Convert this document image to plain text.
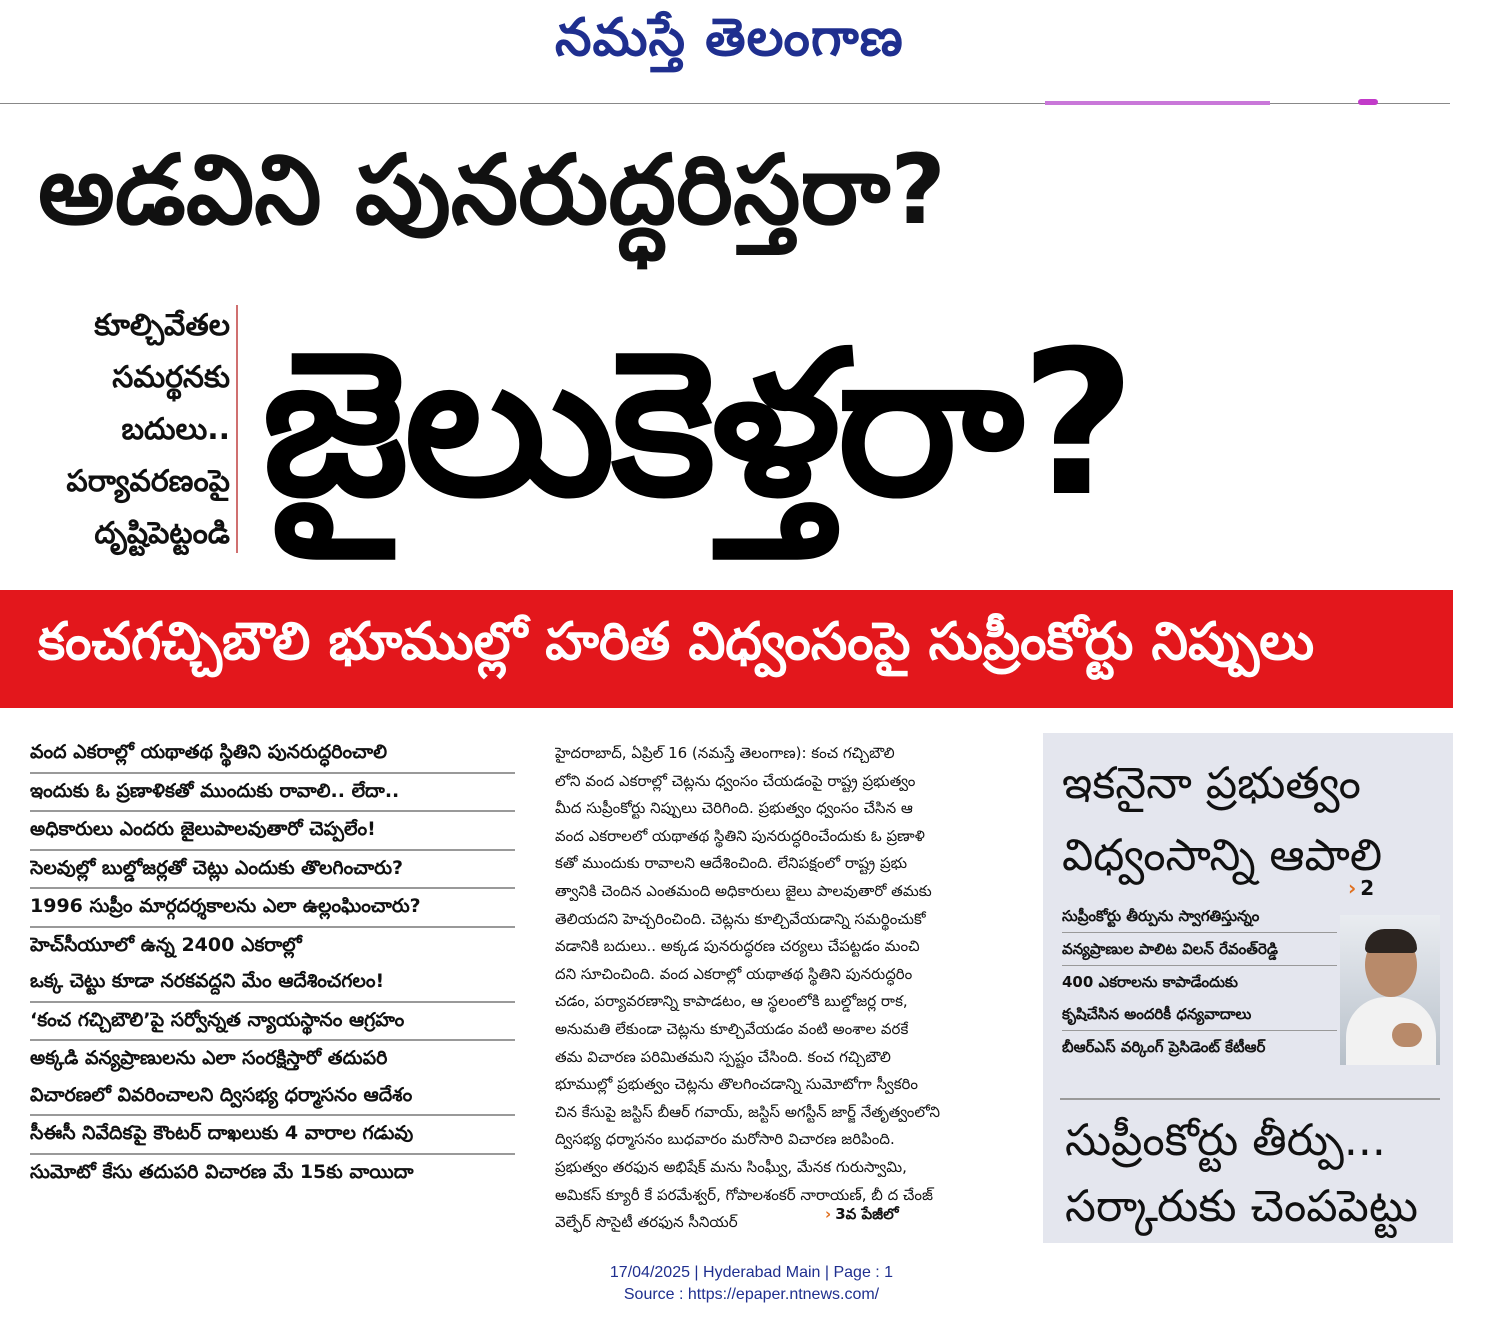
నమస్తే తెలంగాణ
అడవిని పునరుద్ధరిస్తరా?
కూల్చివేతల
సమర్థనకు
బదులు..
పర్యావరణంపై
దృష్టిపెట్టండి జైలుకెళ్తరా?
కంచగచ్చిబౌలి భూముల్లో హరిత విధ్వంసంపై సుప్రీంకోర్టు నిప్పులు
వంద ఎకరాల్లో యథాతథ స్థితిని పునరుద్ధరించాలి
ఇందుకు ఓ ప్రణాళికతో ముందుకు రావాలి.. లేదా..
అధికారులు ఎందరు జైలుపాలవుతారో చెప్పలేం!
సెలవుల్లో బుల్డోజర్లతో చెట్లు ఎందుకు తొలగించారు?
1996 సుప్రీం మార్గదర్శకాలను ఎలా ఉల్లంఘించారు?
హెచ్‌సీయూలో ఉన్న 2400 ఎకరాల్లో
ఒక్క చెట్టు కూడా నరకవద్దని మేం ఆదేశించగలం!
‘కంచ గచ్చిబౌలి’పై సర్వోన్నత న్యాయస్థానం ఆగ్రహం
అక్కడి వన్యప్రాణులను ఎలా సంరక్షిస్తారో తదుపరి
విచారణలో వివరించాలని ద్విసభ్య ధర్మాసనం ఆదేశం
సీఈసీ నివేదికపై కౌంటర్ దాఖలుకు 4 వారాల గడువు
సుమోటో కేసు తదుపరి విచారణ మే 15కు వాయిదా
హైదరాబాద్, ఏప్రిల్ 16 (నమస్తే తెలంగాణ): కంచ గచ్చిబౌలి
లోని వంద ఎకరాల్లో చెట్లను ధ్వంసం చేయడంపై రాష్ట్ర ప్రభుత్వం
మీద సుప్రీంకోర్టు నిప్పులు చెరిగింది. ప్రభుత్వం ధ్వంసం చేసిన ఆ
వంద ఎకరాలలో యథాతథ స్థితిని పునరుద్ధరించేందుకు ఓ ప్రణాళి
కతో ముందుకు రావాలని ఆదేశించింది. లేనిపక్షంలో రాష్ట్ర ప్రభు
త్వానికి చెందిన ఎంతమంది అధికారులు జైలు పాలవుతారో తమకు
తెలియదని హెచ్చరించింది. చెట్లను కూల్చివేయడాన్ని సమర్థించుకో
వడానికి బదులు.. అక్కడ పునరుద్ధరణ చర్యలు చేపట్టడం మంచి
దని సూచించింది. వంద ఎకరాల్లో యథాతథ స్థితిని పునరుద్ధరిం
చడం, పర్యావరణాన్ని కాపాడటం, ఆ స్థలంలోకి బుల్డోజర్ల రాక,
అనుమతి లేకుండా చెట్లను కూల్చివేయడం వంటి అంశాల వరకే
తమ విచారణ పరిమితమని స్పష్టం చేసింది. కంచ గచ్చిబౌలి
భూముల్లో ప్రభుత్వం చెట్లను తొలగించడాన్ని సుమోటోగా స్వీకరిం
చిన కేసుపై జస్టిస్ బీఆర్ గవాయ్, జస్టిస్ అగస్టీన్ జార్జ్ నేతృత్వంలోని
ద్విసభ్య ధర్మాసనం బుధవారం మరోసారి విచారణ జరిపింది.
ప్రభుత్వం తరఫున అభిషేక్ మను సింఘ్వీ, మేనక గురుస్వామి,
అమికస్ క్యూరీ కే పరమేశ్వర్, గోపాలశంకర్ నారాయణ్, బీ ద చేంజ్
వెల్ఫేర్ సొసైటీ తరఫున సీనియర్	› 3వ పేజీలో
ఇకనైనా ప్రభుత్వం
విధ్వంసాన్ని ఆపాలి
› 2
సుప్రీంకోర్టు తీర్పును స్వాగతిస్తున్నం
వన్యప్రాణుల పాలిట విలన్ రేవంత్‌రెడ్డి
400 ఎకరాలను కాపాడేందుకు
కృషిచేసిన అందరికీ ధన్యవాదాలు
బీఆర్‌ఎస్ వర్కింగ్ ప్రెసిడెంట్ కేటీఆర్
సుప్రీంకోర్టు తీర్పు...
సర్కారుకు చెంపపెట్టు
17/04/2025 | Hyderabad Main | Page : 1
Source : https://epaper.ntnews.com/
